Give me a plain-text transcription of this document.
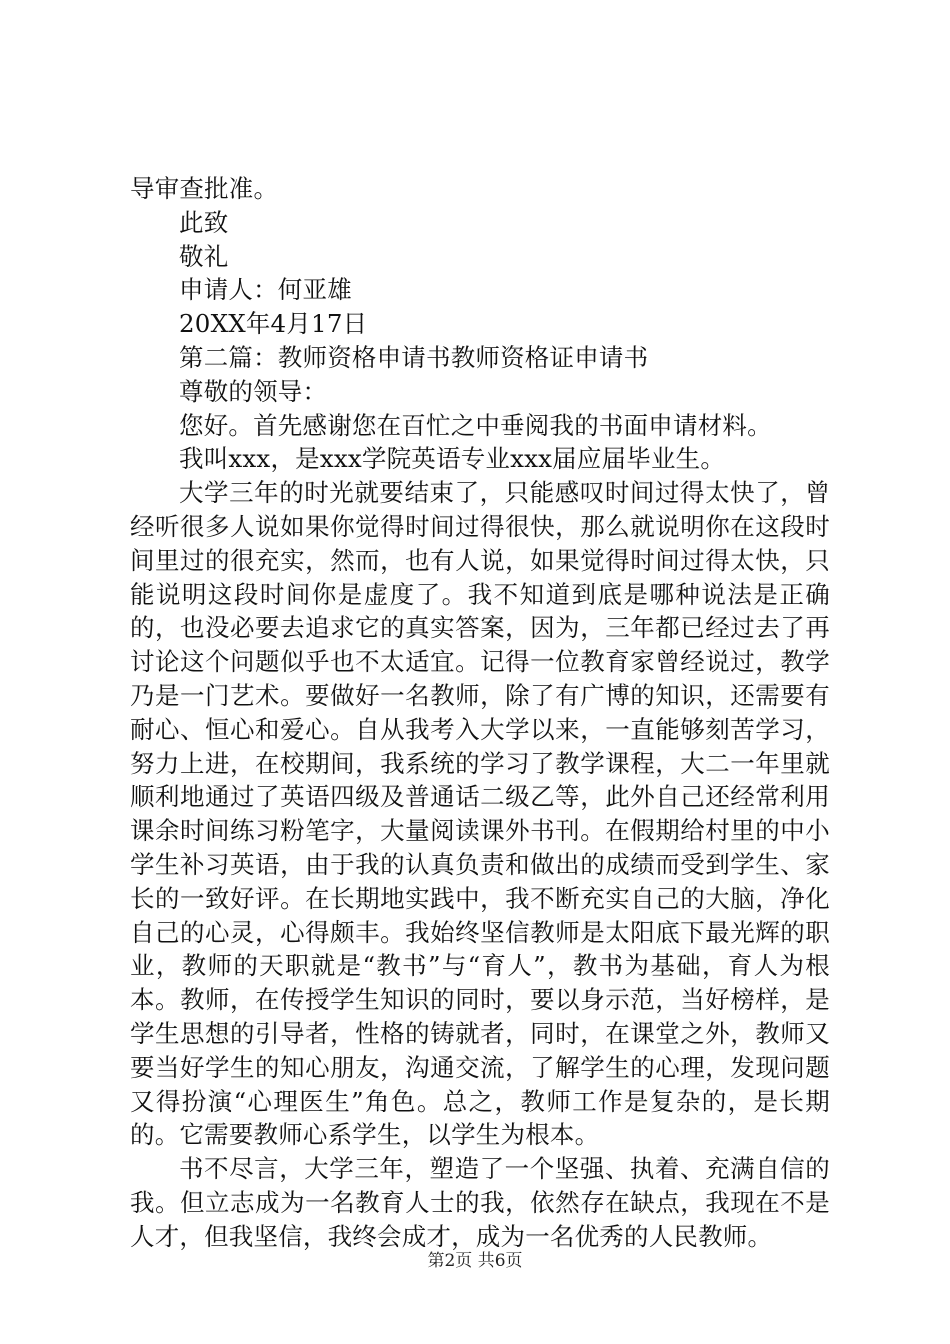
导审查批准。
此致
敬礼
申请人：何亚雄
20XX年4月17日
第二篇：教师资格申请书教师资格证申请书
尊敬的领导：
您好。首先感谢您在百忙之中垂阅我的书面申请材料。
我叫xxx，是xxx学院英语专业xxx届应届毕业生。
大学三年的时光就要结束了，只能感叹时间过得太快了，曾经听很多人说如果你觉得时间过得很快，那么就说明你在这段时间里过的很充实，然而，也有人说，如果觉得时间过得太快，只能说明这段时间你是虚度了。我不知道到底是哪种说法是正确的，也没必要去追求它的真实答案，因为，三年都已经过去了再讨论这个问题似乎也不太适宜。记得一位教育家曾经说过，教学乃是一门艺术。要做好一名教师，除了有广博的知识，还需要有耐心、恒心和爱心。自从我考入大学以来，一直能够刻苦学习，努力上进，在校期间，我系统的学习了教学课程，大二一年里就顺利地通过了英语四级及普通话二级乙等，此外自己还经常利用课余时间练习粉笔字，大量阅读课外书刊。在假期给村里的中小学生补习英语，由于我的认真负责和做出的成绩而受到学生、家长的一致好评。在长期地实践中，我不断充实自己的大脑，净化自己的心灵，心得颇丰。我始终坚信教师是太阳底下最光辉的职业，教师的天职就是“教书”与“育人”，教书为基础，育人为根本。教师，在传授学生知识的同时，要以身示范，当好榜样，是学生思想的引导者，性格的铸就者，同时，在课堂之外，教师又要当好学生的知心朋友，沟通交流，了解学生的心理，发现问题又得扮演“心理医生”角色。总之，教师工作是复杂的，是长期的。它需要教师心系学生，以学生为根本。
书不尽言，大学三年，塑造了一个坚强、执着、充满自信的我。但立志成为一名教育人士的我，依然存在缺点，我现在不是人才，但我坚信，我终会成才，成为一名优秀的人民教师。
第2页 共6页
